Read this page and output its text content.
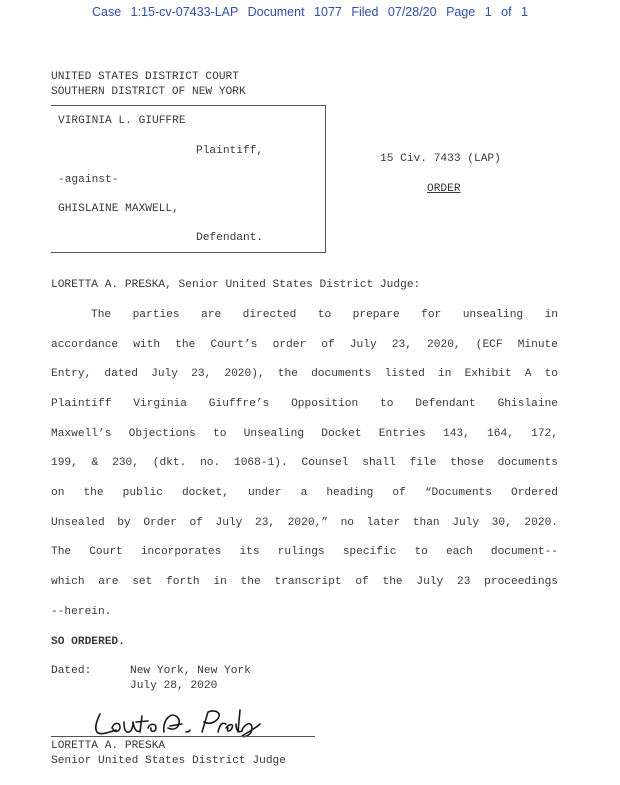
Case 1:15-cv-07433-LAP Document 1077 Filed 07/28/20 Page 1 of 1
UNITED STATES DISTRICT COURT
SOUTHERN DISTRICT OF NEW YORK
VIRGINIA L. GIUFFRE
Plaintiff,
-against-
GHISLAINE MAXWELL,
Defendant.
15 Civ. 7433 (LAP)
ORDER
LORETTA A. PRESKA, Senior United States District Judge:
The parties are directed to prepare for unsealing in
accordance with the Court’s order of July 23, 2020, (ECF Minute
Entry, dated July 23, 2020), the documents listed in Exhibit A to
Plaintiff Virginia Giuffre’s Opposition to Defendant Ghislaine
Maxwell’s Objections to Unsealing Docket Entries 143, 164, 172,
199, & 230, (dkt. no. 1068-1). Counsel shall file those documents
on the public docket, under a heading of “Documents Ordered
Unsealed by Order of July 23, 2020,” no later than July 30, 2020.
The Court incorporates its rulings specific to each document--
which are set forth in the transcript of the July 23 proceedings
--herein.
SO ORDERED.
Dated:	New York, New York
July 28, 2020
LORETTA A. PRESKA
Senior United States District Judge
